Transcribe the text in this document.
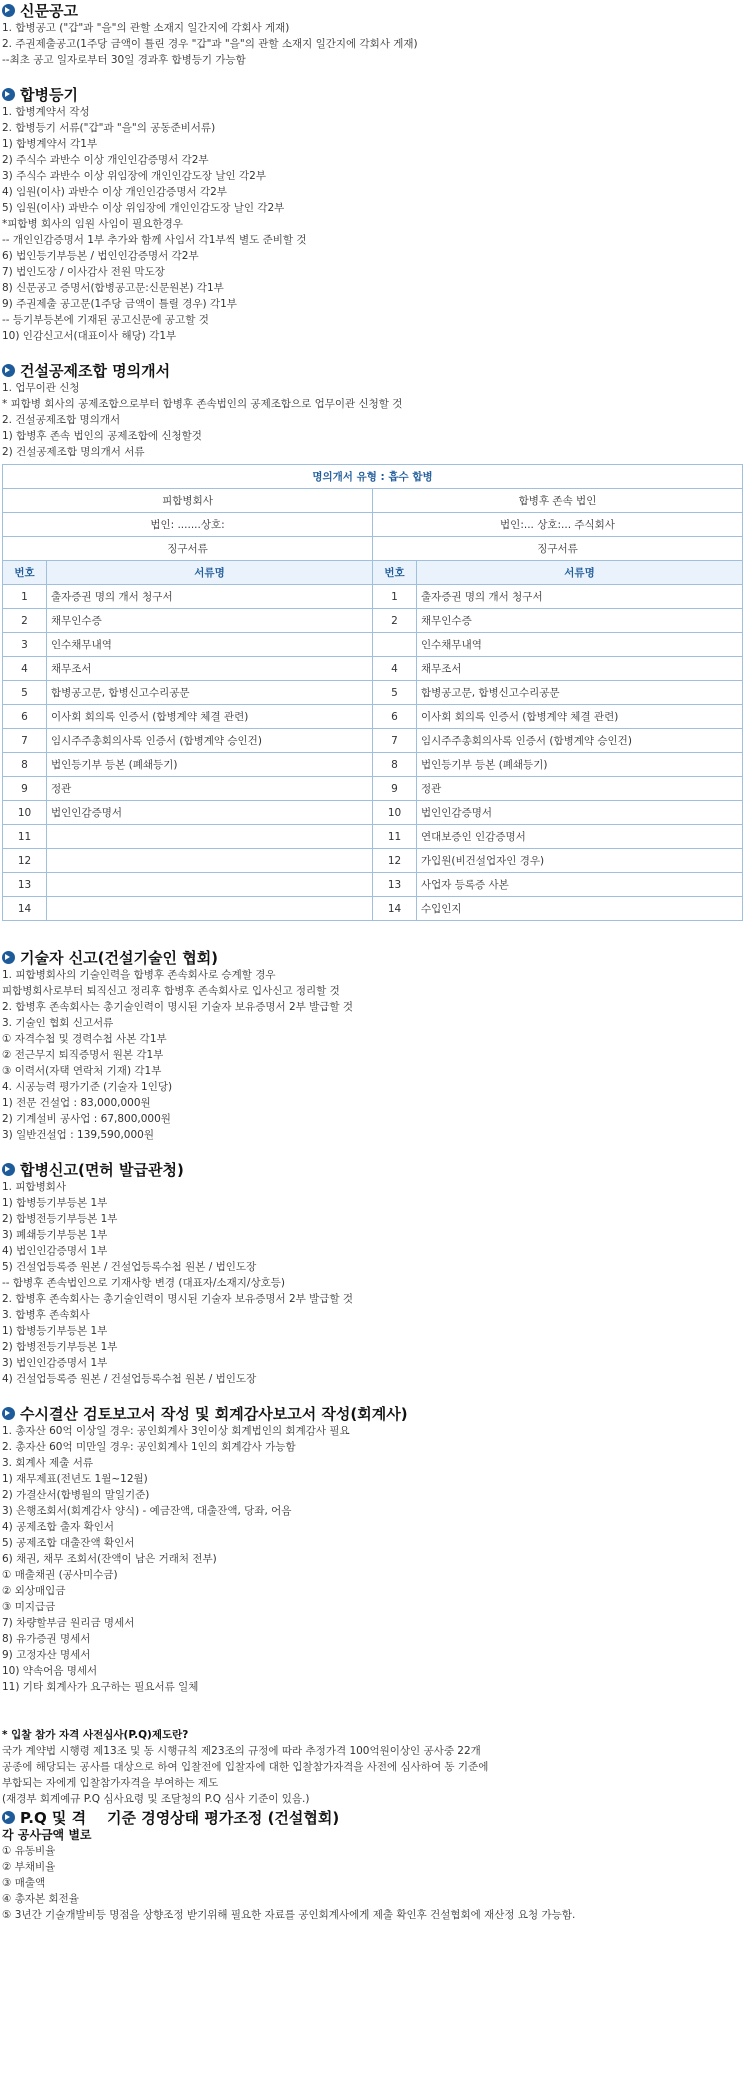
신문공고
1. 합병공고 ("갑"과 "을"의 관할 소재지 일간지에 각회사 게재)
2. 주권제출공고(1주당 금액이 틀린 경우 "갑"과 "을"의 관할 소재지 일간지에 각회사 게재)
--최초 공고 일자로부터 30일 경과후 합병등기 가능함
합병등기
1. 합병계약서 작성
2. 합병등기 서류("갑"과 "을"의 공동준비서류)
1) 합병계약서 각1부
2) 주식수 과반수 이상 개인인감증명서 각2부
3) 주식수 과반수 이상 위임장에 개인인감도장 날인 각2부
4) 임원(이사) 과반수 이상 개인인감증명서 각2부
5) 임원(이사) 과반수 이상 위임장에 개인인감도장 날인 각2부
*피합병 회사의 임원 사임이 필요한경우
-- 개인인감증명서 1부 추가와 함께 사임서 각1부씩 별도 준비할 것
6) 법인등기부등본 / 법인인감증명서 각2부
7) 법인도장 / 이사감사 전원 막도장
8) 신문공고 증명서(합병공고문:신문원본) 각1부
9) 주권제출 공고문(1주당 금액이 틀릴 경우) 각1부
-- 등기부등본에 기재된 공고신문에 공고할 것
10) 인감신고서(대표이사 해당) 각1부
건설공제조합 명의개서
1. 업무이관 신청
* 피합병 회사의 공제조합으로부터 합병후 존속법인의 공제조합으로 업무이관 신청할 것
2. 건설공제조합 명의개서
1) 합병후 존속 법인의 공제조합에 신청할것
2) 건설공제조합 명의개서 서류
명의개서 유형 : 흡수 합병			
피합병회사		합병후 존속 법인	
법인: .......상호:		법인:... 상호:... 주식회사	
징구서류		징구서류	
번호	서류명	번호	서류명
1	출자증권 명의 개서 청구서	1	출자증권 명의 개서 청구서
2	채무인수증	2	채무인수증
3	인수채무내역		인수채무내역
4	채무조서	4	채무조서
5	합병공고문, 합병신고수리공문	5	합병공고문, 합병신고수리공문
6	이사회 회의록 인증서 (합병계약 체결 관련)	6	이사회 회의록 인증서 (합병계약 체결 관련)
7	임시주주총회의사록 인증서 (합병계약 승인건)	7	임시주주총회의사록 인증서 (합병계약 승인건)
8	법인등기부 등본 (폐쇄등기)	8	법인등기부 등본 (폐쇄등기)
9	정관	9	정관
10	법인인감증명서	10	법인인감증명서
11		11	연대보증인 인감증명서
12		12	가입원(비건설업자인 경우)
13		13	사업자 등록증 사본
14		14	수입인지
기술자 신고(건설기술인 협회)
1. 피합병회사의 기술인력을 합병후 존속회사로 승계할 경우
피합병회사로부터 퇴직신고 정리후 합병후 존속회사로 입사신고 정리할 것
2. 합병후 존속회사는 총기술인력이 명시된 기술자 보유증명서 2부 발급할 것
3. 기술인 협회 신고서류
① 자격수첩 및 경력수첩 사본 각1부
② 전근무지 퇴직증명서 원본 각1부
③ 이력서(자택 연락처 기재) 각1부
4. 시공능력 평가기준 (기술자 1인당)
1) 전문 건설업 : 83,000,000원
2) 기계설비 공사업 : 67,800,000원
3) 일반건설업 : 139,590,000원
합병신고(면허 발급관청)
1. 피합병회사
1) 합병등기부등본 1부
2) 합병전등기부등본 1부
3) 폐쇄등기부등본 1부
4) 법인인감증명서 1부
5) 건설업등록증 원본 / 건설업등록수첩 원본 / 법인도장
-- 합병후 존속법인으로 기재사항 변경 (대표자/소재지/상호등)
2. 합병후 존속회사는 총기술인력이 명시된 기술자 보유증명서 2부 발급할 것
3. 합병후 존속회사
1) 합병등기부등본 1부
2) 합병전등기부등본 1부
3) 법인인감증명서 1부
4) 건설업등록증 원본 / 건설업등록수첩 원본 / 법인도장
수시결산 검토보고서 작성 및 회계감사보고서 작성(회계사)
1. 총자산 60억 이상일 경우: 공인회계사 3인이상 회계법인의 회계감사 필요
2. 총자산 60억 미만일 경우: 공인회계사 1인의 회계감사 가능함
3. 회계사 제출 서류
1) 재무제표(전년도 1월~12월)
2) 가결산서(합병월의 말일기준)
3) 은행조회서(회계감사 양식) - 예금잔액, 대출잔액, 당좌, 어음
4) 공제조합 출자 확인서
5) 공제조합 대출잔액 확인서
6) 채권, 채무 조회서(잔액이 남은 거래처 전부)
① 매출채권 (공사미수금)
② 외상매입금
③ 미지급금
7) 차량할부금 원리금 명세서
8) 유가증권 명세서
9) 고정자산 명세서
10) 약속어음 명세서
11) 기타 회계사가 요구하는 필요서류 일체
* 입찰 참가 자격 사전심사(P.Q)제도란?
국가 계약법 시행령 제13조 및 동 시행규칙 제23조의 규정에 따라 추정가격 100억원이상인 공사중 22개
공종에 해당되는 공사를 대상으로 하여 입찰전에 입찰자에 대한 입찰참가자격을 사전에 심사하여 동 기준에
부합되는 자에게 입찰참가자격을 부여하는 제도
(재경부 회계예규 P.Q 심사요령 및 조달청의 P.Q 심사 기준이 있음.)
P.Q 및 격    기준 경영상태 평가조정 (건설협회)
각 공사금액 별로
① 유동비율
② 부채비율
③ 매출액
④ 총자본 회전율
⑤ 3년간 기술개발비등 명점을 상향조정 받기위해 필요한 자료를 공인회계사에게 제출 확인후 건설협회에 재산정 요청 가능함.
